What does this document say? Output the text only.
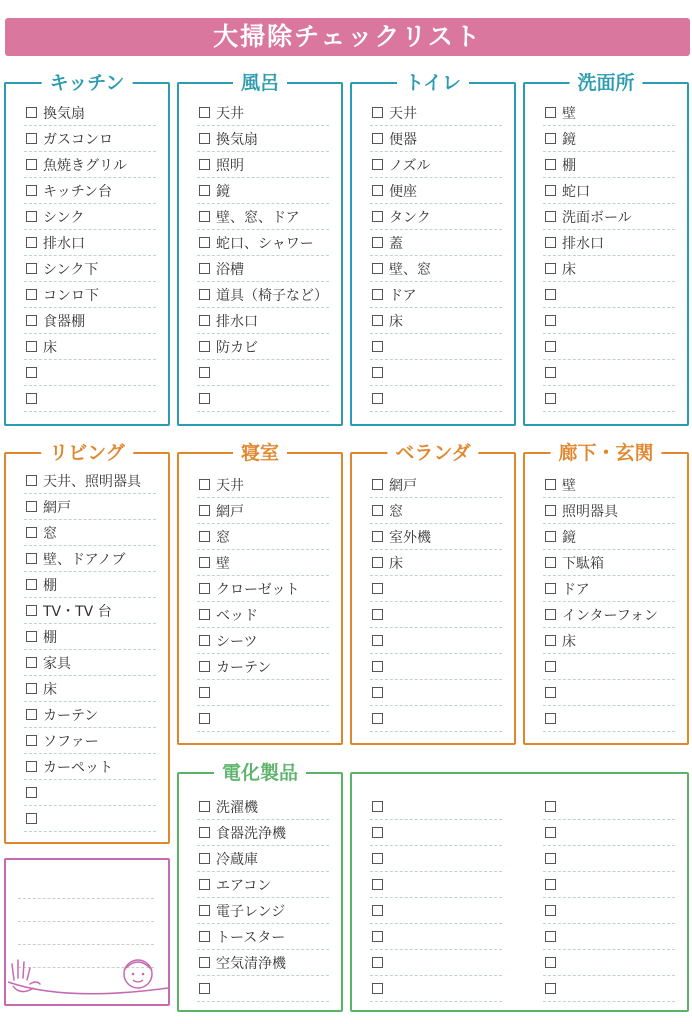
大掃除チェックリスト
キッチン
換気扇
ガスコンロ
魚焼きグリル
キッチン台
シンク
排水口
シンク下
コンロ下
食器棚
床
風呂
天井
換気扇
照明
鏡
壁、窓、ドア
蛇口、シャワー
浴槽
道具（椅子など）
排水口
防カビ
トイレ
天井
便器
ノズル
便座
タンク
蓋
壁、窓
ドア
床
洗面所
壁
鏡
棚
蛇口
洗面ボール
排水口
床
リビング
天井、照明器具
網戸
窓
壁、ドアノブ
棚
TV・TV 台
棚
家具
床
カーテン
ソファー
カーペット
寝室
天井
網戸
窓
壁
クローゼット
ベッド
シーツ
カーテン
ベランダ
網戸
窓
室外機
床
廊下・玄関
壁
照明器具
鏡
下駄箱
ドア
インターフォン
床
電化製品
洗濯機
食器洗浄機
冷蔵庫
エアコン
電子レンジ
トースター
空気清浄機
